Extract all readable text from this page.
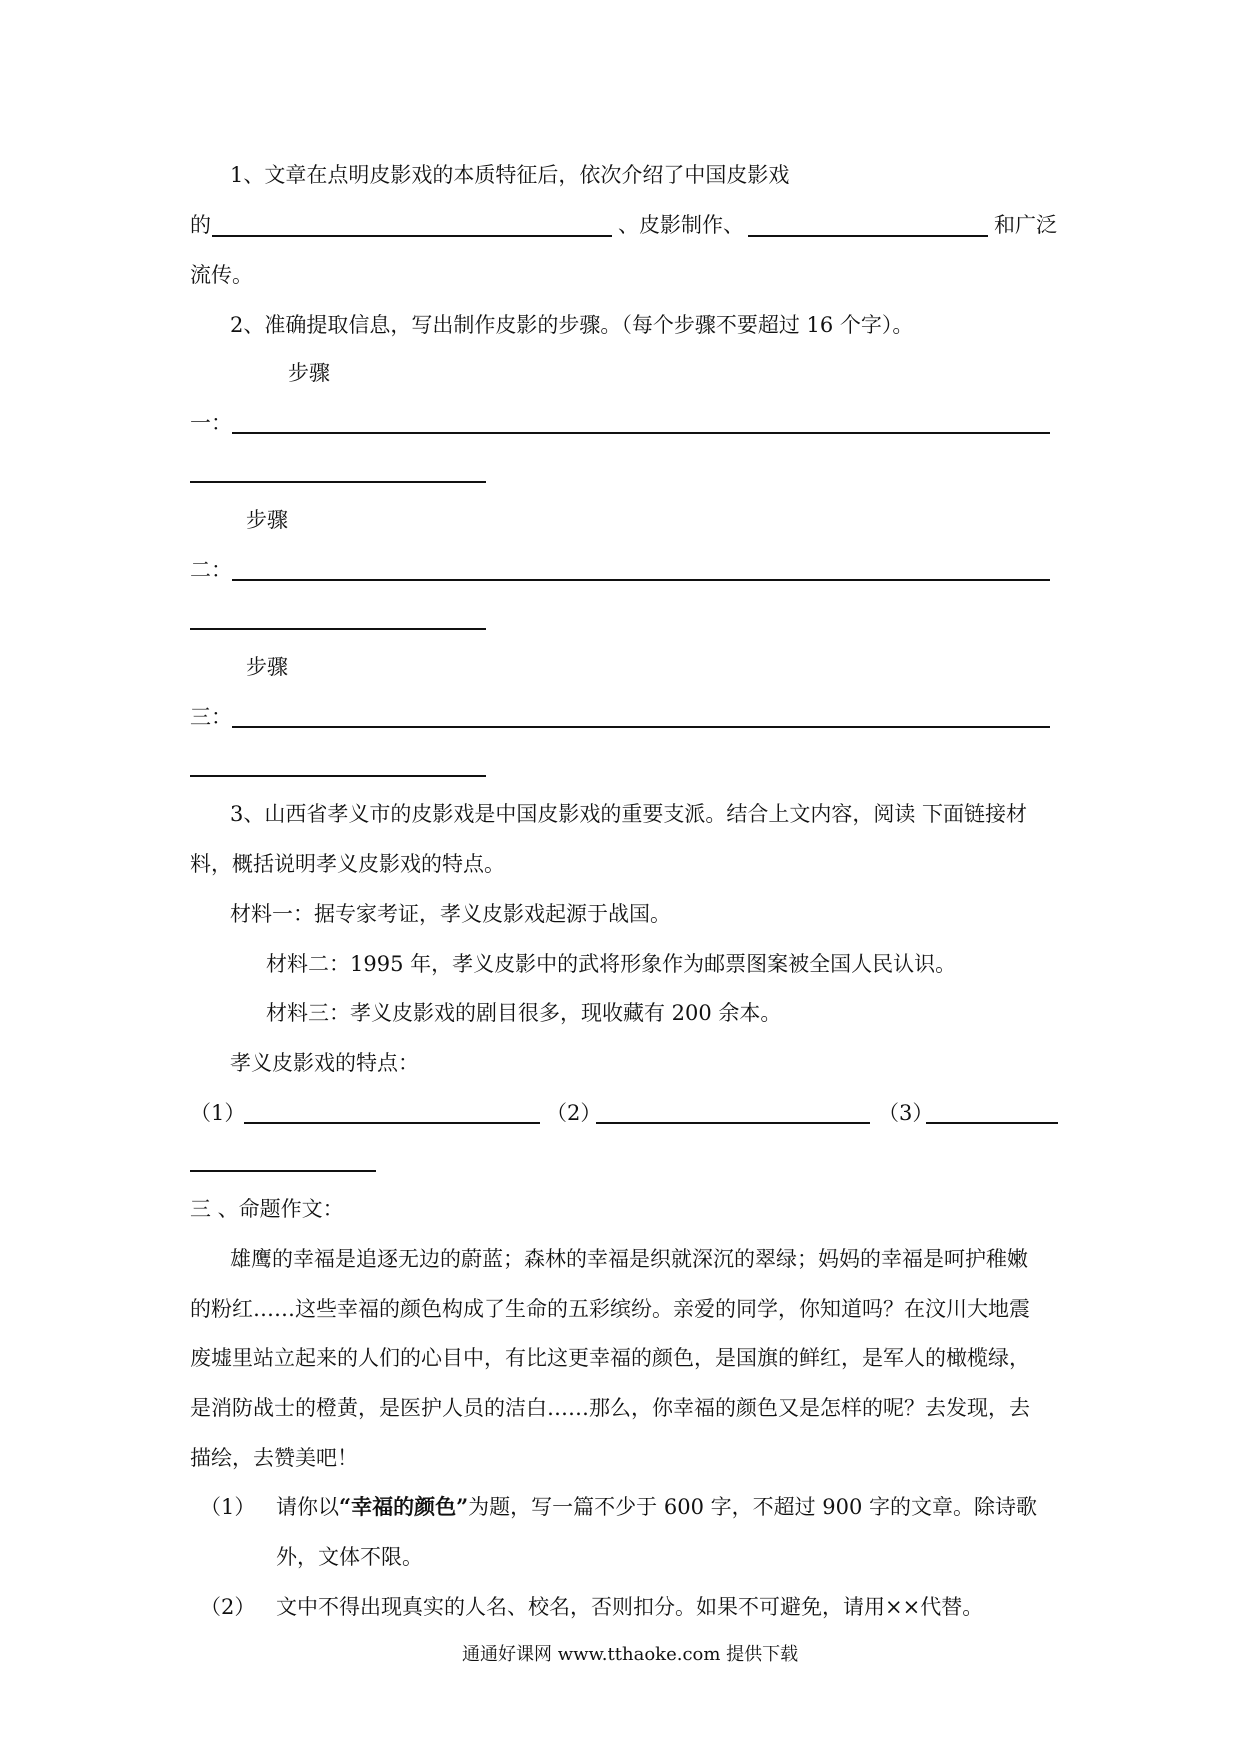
1、文章在点明皮影戏的本质特征后，依次介绍了中国皮影戏
的	、皮影制作、	和广泛
流传。
2、准确提取信息，写出制作皮影的步骤。（每个步骤不要超过 16 个字）。
步骤
一：
步骤
二：
步骤
三：
3、山西省孝义市的皮影戏是中国皮影戏的重要支派。结合上文内容，阅读 下面链接材
料，概括说明孝义皮影戏的特点。
材料一：据专家考证，孝义皮影戏起源于战国。
材料二：1995 年，孝义皮影中的武将形象作为邮票图案被全国人民认识。
材料三：孝义皮影戏的剧目很多，现收藏有 200 余本。
孝义皮影戏的特点：
（1）	（2）	（3）
三 、命题作文：
雄鹰的幸福是追逐无边的蔚蓝；森林的幸福是织就深沉的翠绿；妈妈的幸福是呵护稚嫩
的粉红……这些幸福的颜色构成了生命的五彩缤纷。亲爱的同学，你知道吗？在汶川大地震
废墟里站立起来的人们的心目中，有比这更幸福的颜色，是国旗的鲜红，是军人的橄榄绿，
是消防战士的橙黄，是医护人员的洁白……那么，你幸福的颜色又是怎样的呢？去发现，去
描绘，去赞美吧！
（1） 请你以“幸福的颜色”为题，写一篇不少于 600 字，不超过 900 字的文章。除诗歌
外，文体不限。
（2） 文中不得出现真实的人名、校名，否则扣分。如果不可避免，请用××代替。
通通好课网 www.tthaoke.com 提供下载
